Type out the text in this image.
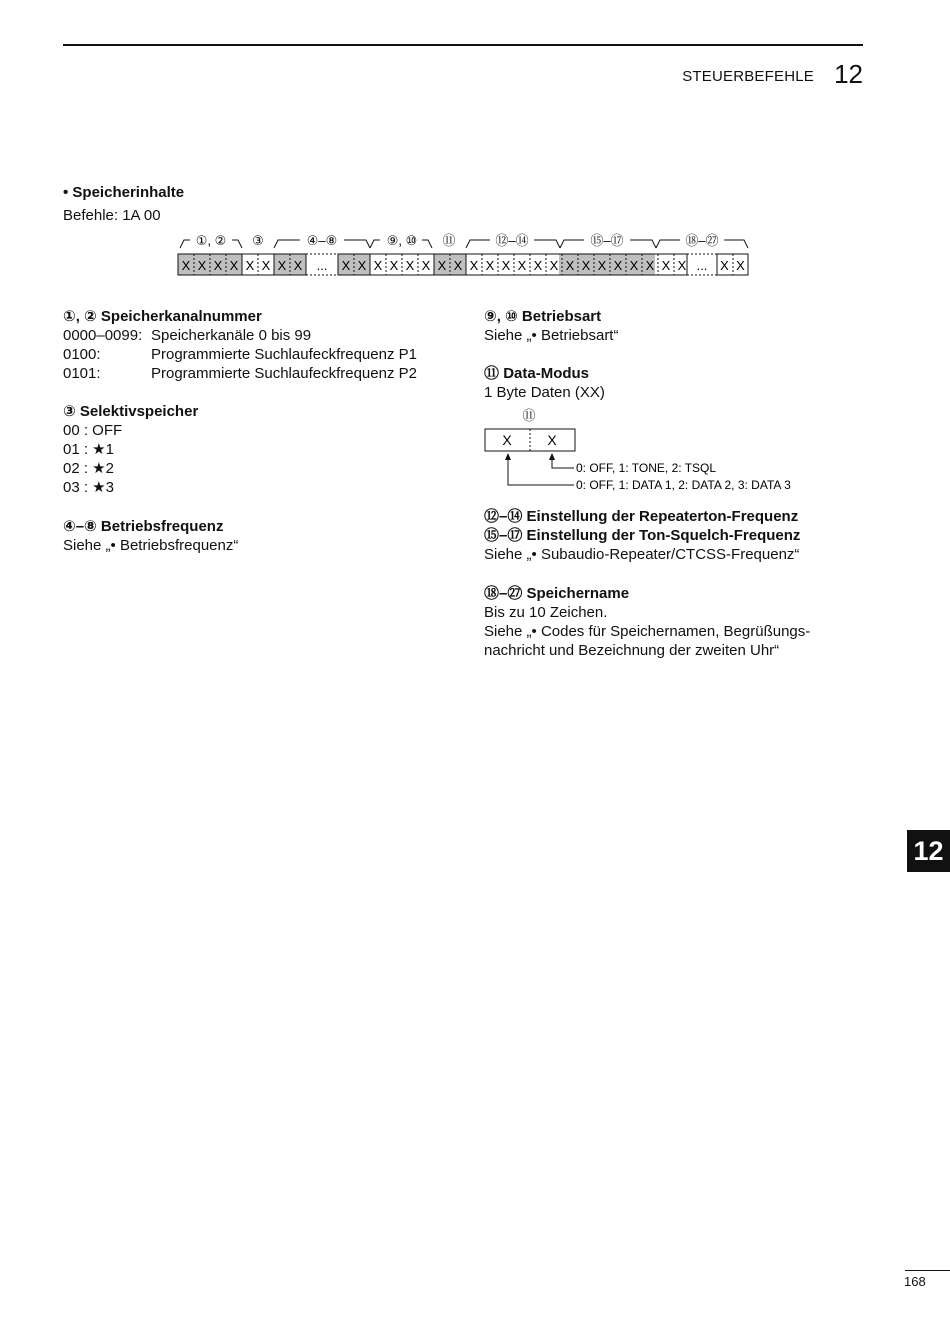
STEUERBEFEHLE 12
• Speicherinhalte
Befehle: 1A 00
X X X X X X X X	X X X X X X X X X X X X X X X X X X X X X X	X X
...	...
①, ② ③	④–⑧	⑨, ⑩ ⑪	⑫–⑭	⑮–⑰	⑱–㉗

①, ② Speicherkanalnummer

0000–0099: Speicherkanäle 0 bis 99
0100:	Programmierte Suchlaufeckfrequenz P1
0101:	Programmierte Suchlaufeckfrequenz P2

③ Selektivspeicher

00 : OFF

01 : ★1

02 : ★2

03 : ★3

④–⑧ Betriebsfrequenz

Siehe „• Betriebsfrequenz“

⑨, ⑩ Betriebsart

Siehe „• Betriebsart“

⑪ Data-Modus

1 Byte Daten (XX)

⑪
X	X
0: OFF, 1: TONE, 2: TSQL
0: OFF, 1: DATA 1, 2: DATA 2, 3: DATA 3

⑫–⑭ Einstellung der Repeaterton-Frequenz

⑮–⑰ Einstellung der Ton-Squelch-Frequenz

Siehe „• Subaudio-Repeater/CTCSS-Frequenz“

⑱–㉗ Speichername

Bis zu 10 Zeichen.

Siehe „• Codes für Speichernamen, Begrüßungs-

nachricht und Bezeichnung der zweiten Uhr“

12
168
